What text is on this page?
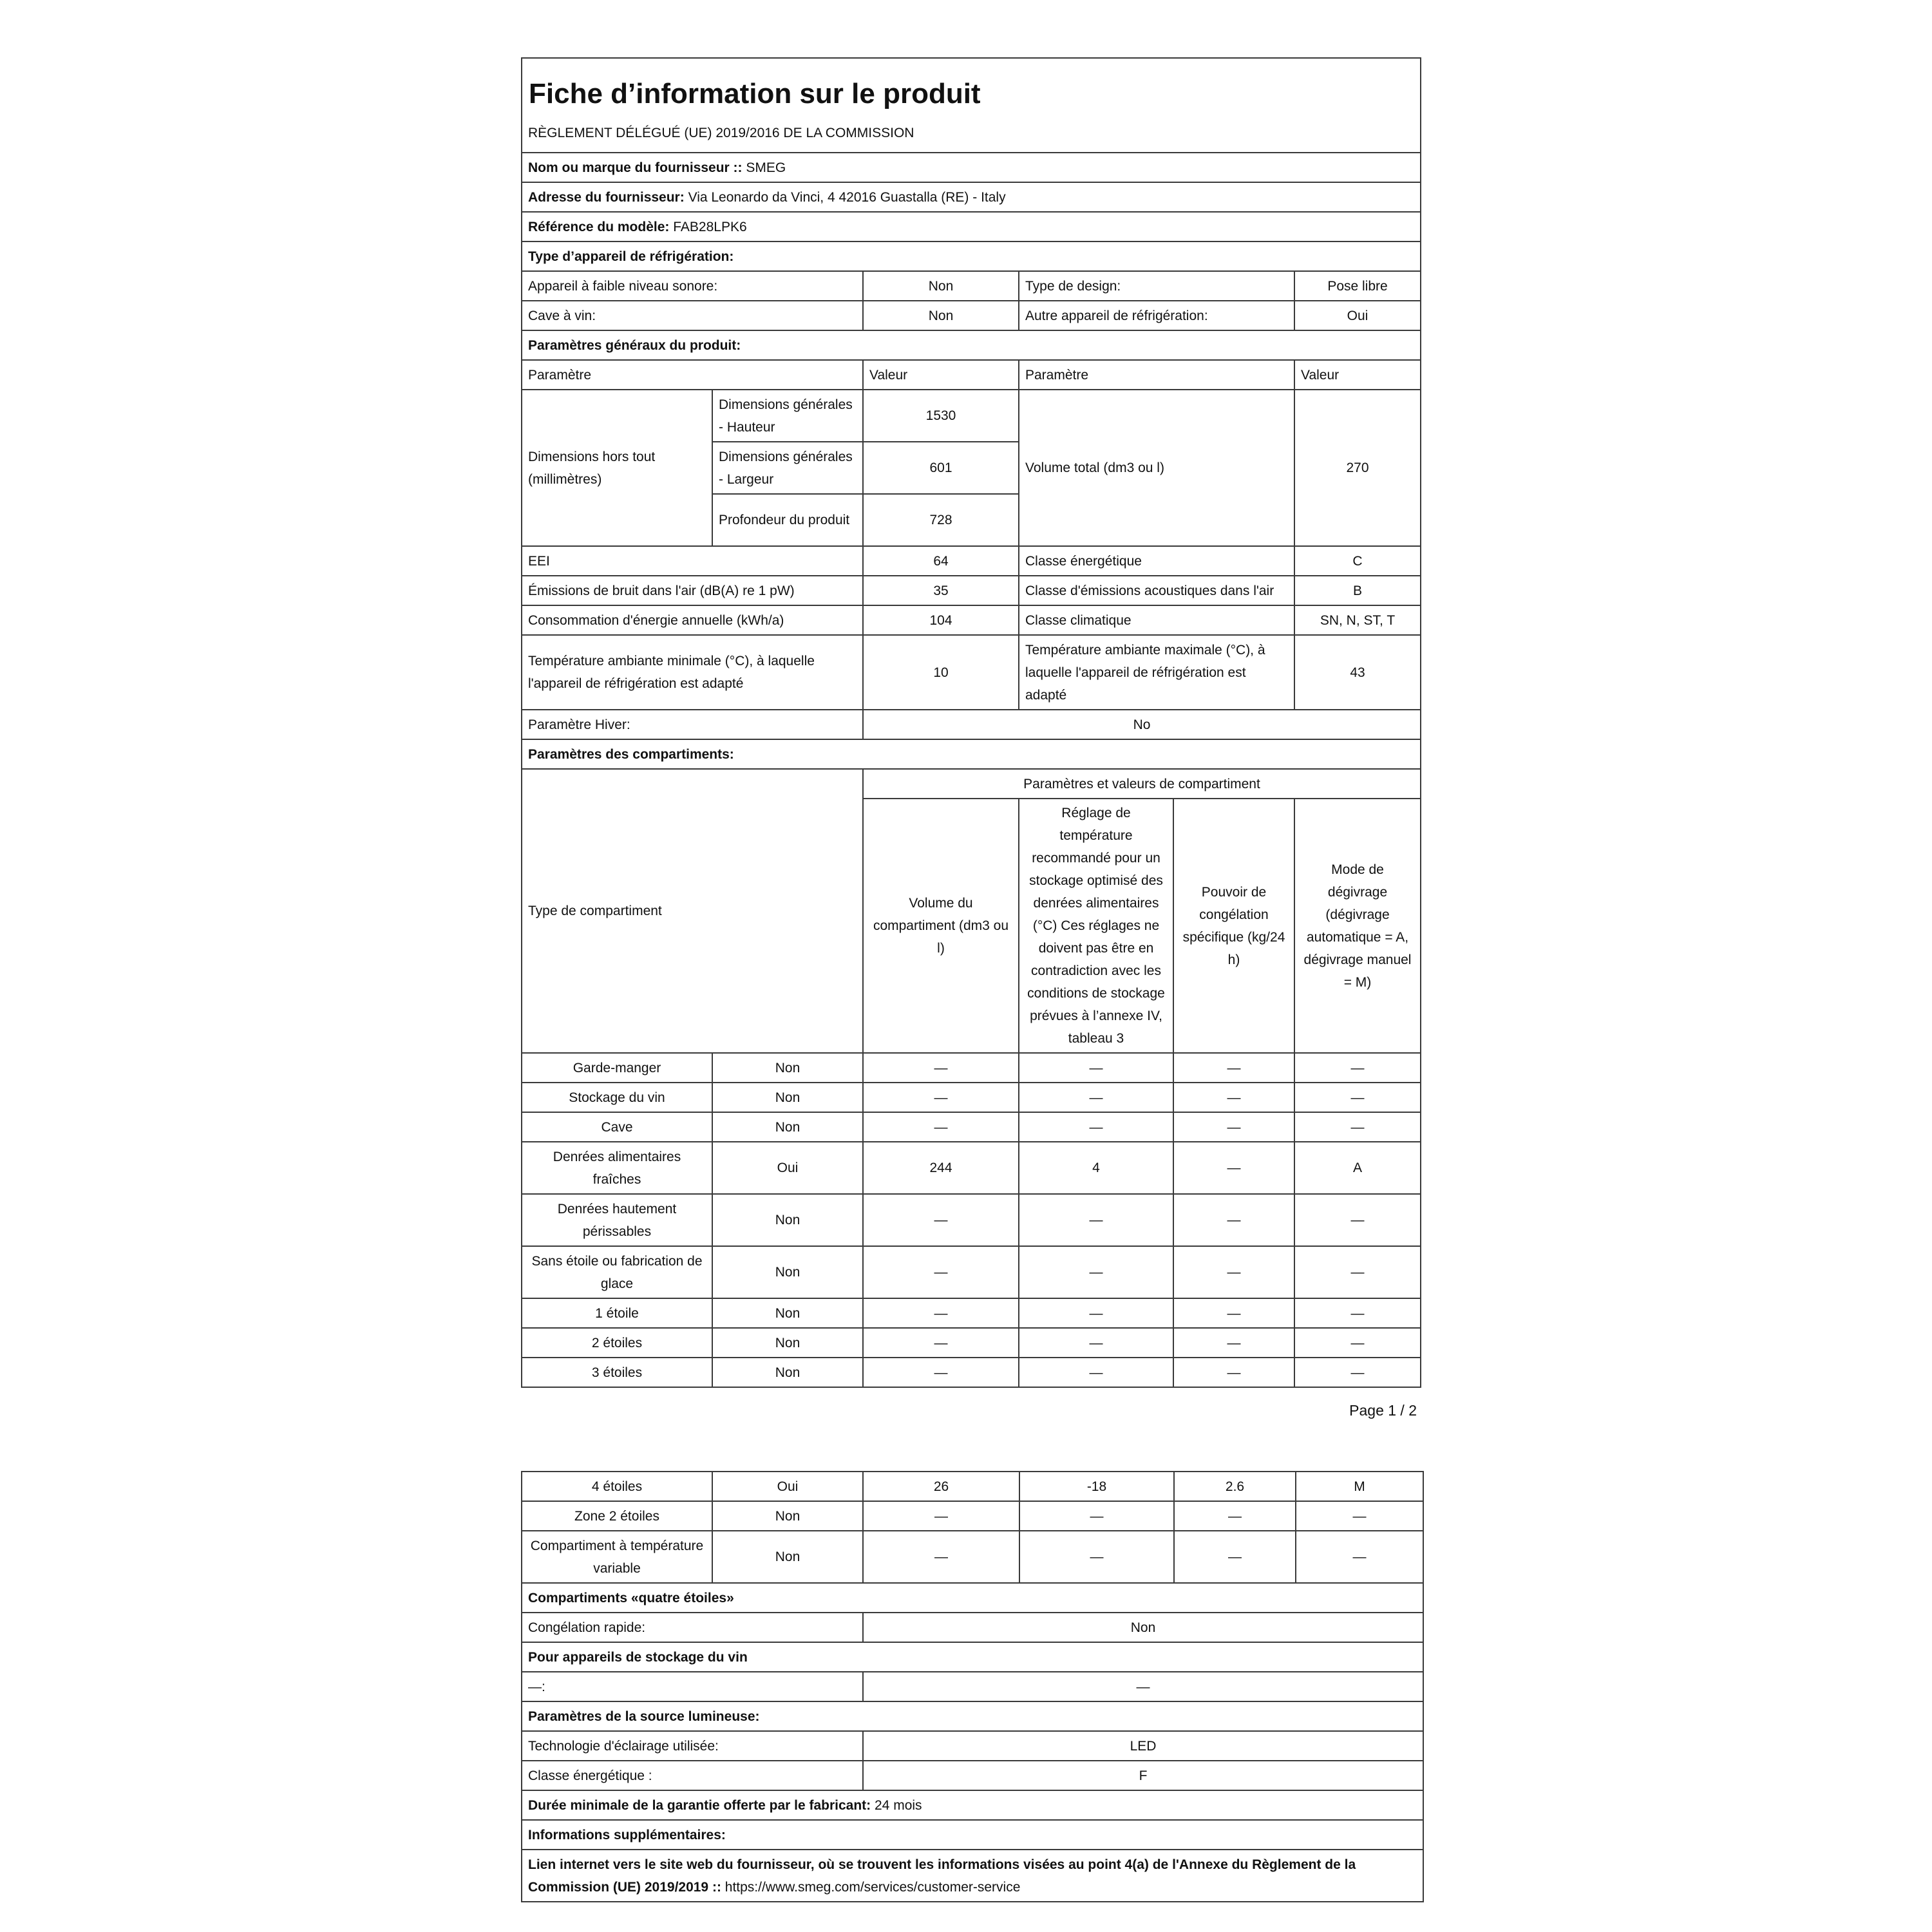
Fiche d’information sur le produit					
RÈGLEMENT DÉLÉGUÉ (UE) 2019/2016 DE LA COMMISSION					
Nom ou marque du fournisseur :: SMEG					
Adresse du fournisseur: Via Leonardo da Vinci, 4 42016 Guastalla (RE) - Italy					
Référence du modèle: FAB28LPK6					
Type d’appareil de réfrigération:					
Appareil à faible niveau sonore:		Non	Type de design:		Pose libre
Cave à vin:		Non	Autre appareil de réfrigération:		Oui
Paramètres généraux du produit:					
Paramètre		Valeur	Paramètre		Valeur
Dimensions hors tout (millimètres)	Dimensions générales - Hauteur	1530	Volume total (dm3 ou l)		270
	Dimensions générales - Largeur	601			
	Profondeur du produit	728			
EEI		64	Classe énergétique		C
Émissions de bruit dans l'air (dB(A) re 1 pW)		35	Classe d'émissions acoustiques dans l'air		B
Consommation d'énergie annuelle (kWh/a)		104	Classe climatique		SN, N, ST, T
Température ambiante minimale (°C), à laquelle l'appareil de réfrigération est adapté		10	Température ambiante maximale (°C), à laquelle l'appareil de réfrigération est adapté		43
Paramètre Hiver:		No			
Paramètres des compartiments:					
Type de compartiment		Paramètres et valeurs de compartiment			
		Volume du compartiment (dm3 ou l)	Réglage de température recommandé pour un stockage optimisé des denrées alimentaires (°C) Ces réglages ne doivent pas être en contradiction avec les conditions de stockage prévues à l’annexe IV, tableau 3	Pouvoir de congélation spécifique (kg/24 h)	Mode de dégivrage (dégivrage automatique = A, dégivrage manuel = M)
Garde-manger	Non	—	—	—	—
Stockage du vin	Non	—	—	—	—
Cave	Non	—	—	—	—
Denrées alimentaires fraîches	Oui	244	4	—	A
Denrées hautement périssables	Non	—	—	—	—
Sans étoile ou fabrication de glace	Non	—	—	—	—
1 étoile	Non	—	—	—	—
2 étoiles	Non	—	—	—	—
3 étoiles	Non	—	—	—	—
Page 1 / 2
4 étoiles	Oui	26	-18	2.6	M
Zone 2 étoiles	Non	—	—	—	—
Compartiment à température variable	Non	—	—	—	—
Compartiments «quatre étoiles»					
Congélation rapide:		Non			
Pour appareils de stockage du vin					
—:		—			
Paramètres de la source lumineuse:					
Technologie d'éclairage utilisée:		LED			
Classe énergétique :		F			
Durée minimale de la garantie offerte par le fabricant: 24 mois					
Informations supplémentaires:					
Lien internet vers le site web du fournisseur, où se trouvent les informations visées au point 4(a) de l'Annexe du Règlement de la Commission (UE) 2019/2019 :: https://www.smeg.com/services/customer-service					
